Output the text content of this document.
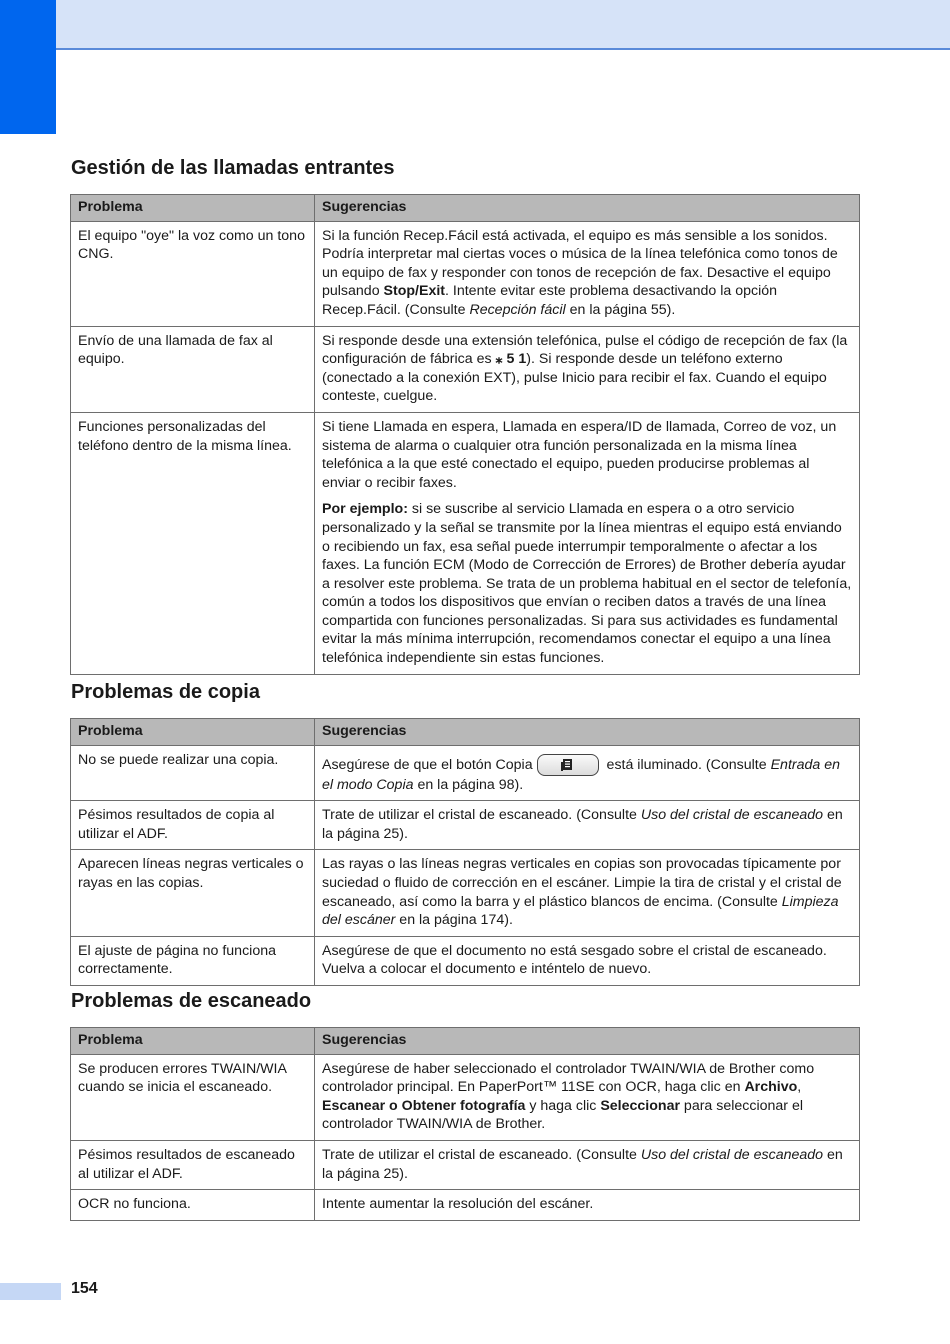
Gestión de las llamadas entrantes
Problema	Sugerencias
El equipo "oye" la voz como un tono CNG.	Si la función Recep.Fácil está activada, el equipo es más sensible a los sonidos. Podría interpretar mal ciertas voces o música de la línea telefónica como tonos de un equipo de fax y responder con tonos de recepción de fax. Desactive el equipo pulsando Stop/Exit. Intente evitar este problema desactivando la opción Recep.Fácil. (Consulte Recepción fácil en la página 55).

Envío de una llamada de fax al equipo.	Si responde desde una extensión telefónica, pulse el código de recepción de fax (la configuración de fábrica es ⁎ 5 1). Si responde desde un teléfono externo (conectado a la conexión EXT), pulse Inicio para recibir el fax. Cuando el equipo conteste, cuelgue.

Funciones personalizadas del teléfono dentro de la misma línea.	Si tiene Llamada en espera, Llamada en espera/ID de llamada, Correo de voz, un sistema de alarma o cualquier otra función personalizada en la misma línea telefónica a la que esté conectado el equipo, pueden producirse problemas al enviar o recibir faxes.

Por ejemplo: si se suscribe al servicio Llamada en espera o a otro servicio personalizado y la señal se transmite por la línea mientras el equipo está enviando o recibiendo un fax, esa señal puede interrumpir temporalmente o afectar a los faxes. La función ECM (Modo de Corrección de Errores) de Brother debería ayudar a resolver este problema. Se trata de un problema habitual en el sector de telefonía, común a todos los dispositivos que envían o reciben datos a través de una línea compartida con funciones personalizadas. Si para sus actividades es fundamental evitar la más mínima interrupción, recomendamos conectar el equipo a una línea telefónica independiente sin estas funciones.

Problemas de copia
Problema	Sugerencias
No se puede realizar una copia.	Asegúrese de que el botón Copia está iluminado. (Consulte Entrada en el modo Copia en la página 98).

Pésimos resultados de copia al utilizar el ADF.	Trate de utilizar el cristal de escaneado. (Consulte Uso del cristal de escaneado en la página 25).

Aparecen líneas negras verticales o rayas en las copias.	Las rayas o las líneas negras verticales en copias son provocadas típicamente por suciedad o fluido de corrección en el escáner. Limpie la tira de cristal y el cristal de escaneado, así como la barra y el plástico blancos de encima. (Consulte Limpieza del escáner en la página 174).

El ajuste de página no funciona correctamente.	Asegúrese de que el documento no está sesgado sobre el cristal de escaneado. Vuelva a colocar el documento e inténtelo de nuevo.

Problemas de escaneado
Problema	Sugerencias
Se producen errores TWAIN/WIA cuando se inicia el escaneado.	Asegúrese de haber seleccionado el controlador TWAIN/WIA de Brother como controlador principal. En PaperPort™ 11SE con OCR, haga clic en Archivo, Escanear o Obtener fotografía y haga clic Seleccionar para seleccionar el controlador TWAIN/WIA de Brother.

Pésimos resultados de escaneado al utilizar el ADF.	Trate de utilizar el cristal de escaneado. (Consulte Uso del cristal de escaneado en la página 25).

OCR no funciona.	Intente aumentar la resolución del escáner.

154
